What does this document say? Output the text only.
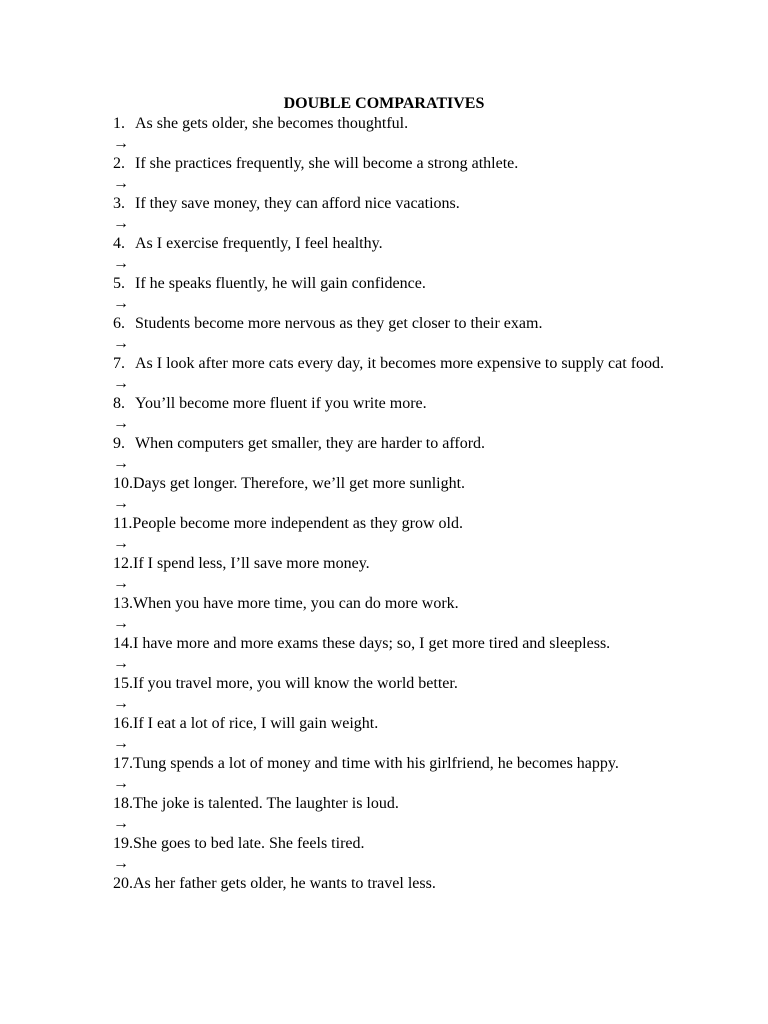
DOUBLE COMPARATIVES
1. As she gets older, she becomes thoughtful.
→
2. If she practices frequently, she will become a strong athlete.
→
3. If they save money, they can afford nice vacations.
→
4. As I exercise frequently, I feel healthy.
→
5. If he speaks fluently, he will gain confidence.
→
6. Students become more nervous as they get closer to their exam.
→
7. As I look after more cats every day, it becomes more expensive to supply cat food.
→
8. You’ll become more fluent if you write more.
→
9. When computers get smaller, they are harder to afford.
→
10. Days get longer. Therefore, we’ll get more sunlight.
→
11. People become more independent as they grow old.
→
12. If I spend less, I’ll save more money.
→
13. When you have more time, you can do more work.
→
14. I have more and more exams these days; so, I get more tired and sleepless.
→
15. If you travel more, you will know the world better.
→
16. If I eat a lot of rice, I will gain weight.
→
17. Tung spends a lot of money and time with his girlfriend, he becomes happy.
→
18. The joke is talented. The laughter is loud.
→
19. She goes to bed late. She feels tired.
→
20. As her father gets older, he wants to travel less.
